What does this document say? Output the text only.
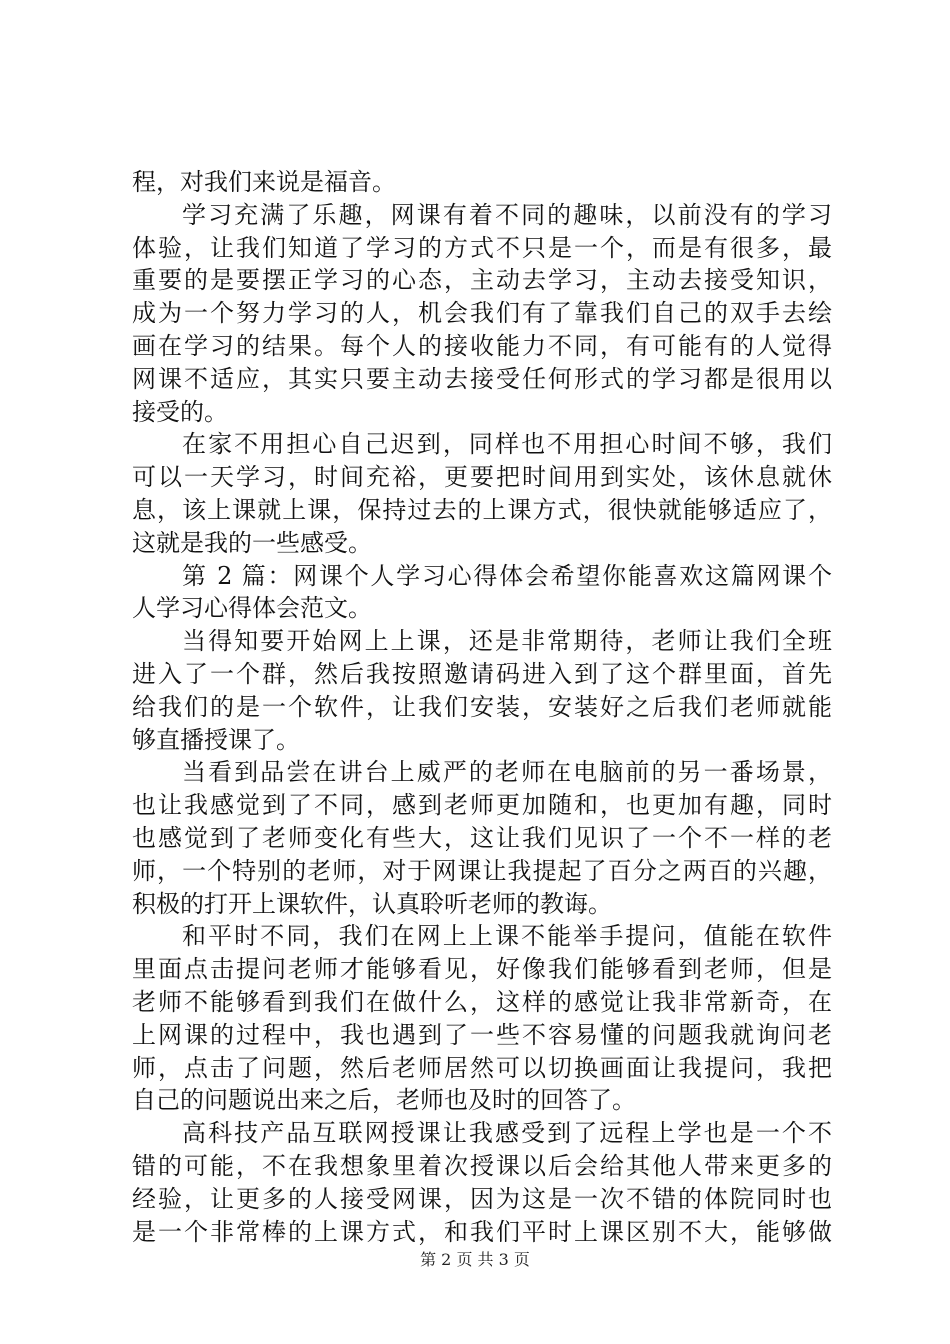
程，对我们来说是福音。
学习充满了乐趣，网课有着不同的趣味，以前没有的学习
体验，让我们知道了学习的方式不只是一个，而是有很多，最
重要的是要摆正学习的心态，主动去学习，主动去接受知识，
成为一个努力学习的人，机会我们有了靠我们自己的双手去绘
画在学习的结果。每个人的接收能力不同，有可能有的人觉得
网课不适应，其实只要主动去接受任何形式的学习都是很用以
接受的。
在家不用担心自己迟到，同样也不用担心时间不够，我们
可以一天学习，时间充裕，更要把时间用到实处，该休息就休
息，该上课就上课，保持过去的上课方式，很快就能够适应了，
这就是我的一些感受。
第 2 篇：网课个人学习心得体会希望你能喜欢这篇网课个
人学习心得体会范文。
当得知要开始网上上课，还是非常期待，老师让我们全班
进入了一个群，然后我按照邀请码进入到了这个群里面，首先
给我们的是一个软件，让我们安装，安装好之后我们老师就能
够直播授课了。
当看到品尝在讲台上威严的老师在电脑前的另一番场景，
也让我感觉到了不同，感到老师更加随和，也更加有趣，同时
也感觉到了老师变化有些大，这让我们见识了一个不一样的老
师，一个特别的老师，对于网课让我提起了百分之两百的兴趣，
积极的打开上课软件，认真聆听老师的教诲。
和平时不同，我们在网上上课不能举手提问，值能在软件
里面点击提问老师才能够看见，好像我们能够看到老师，但是
老师不能够看到我们在做什么，这样的感觉让我非常新奇，在
上网课的过程中，我也遇到了一些不容易懂的问题我就询问老
师，点击了问题，然后老师居然可以切换画面让我提问，我把
自己的问题说出来之后，老师也及时的回答了。
高科技产品互联网授课让我感受到了远程上学也是一个不
错的可能，不在我想象里着次授课以后会给其他人带来更多的
经验，让更多的人接受网课，因为这是一次不错的体院同时也
是一个非常棒的上课方式，和我们平时上课区别不大，能够做
第 2 页 共 3 页
